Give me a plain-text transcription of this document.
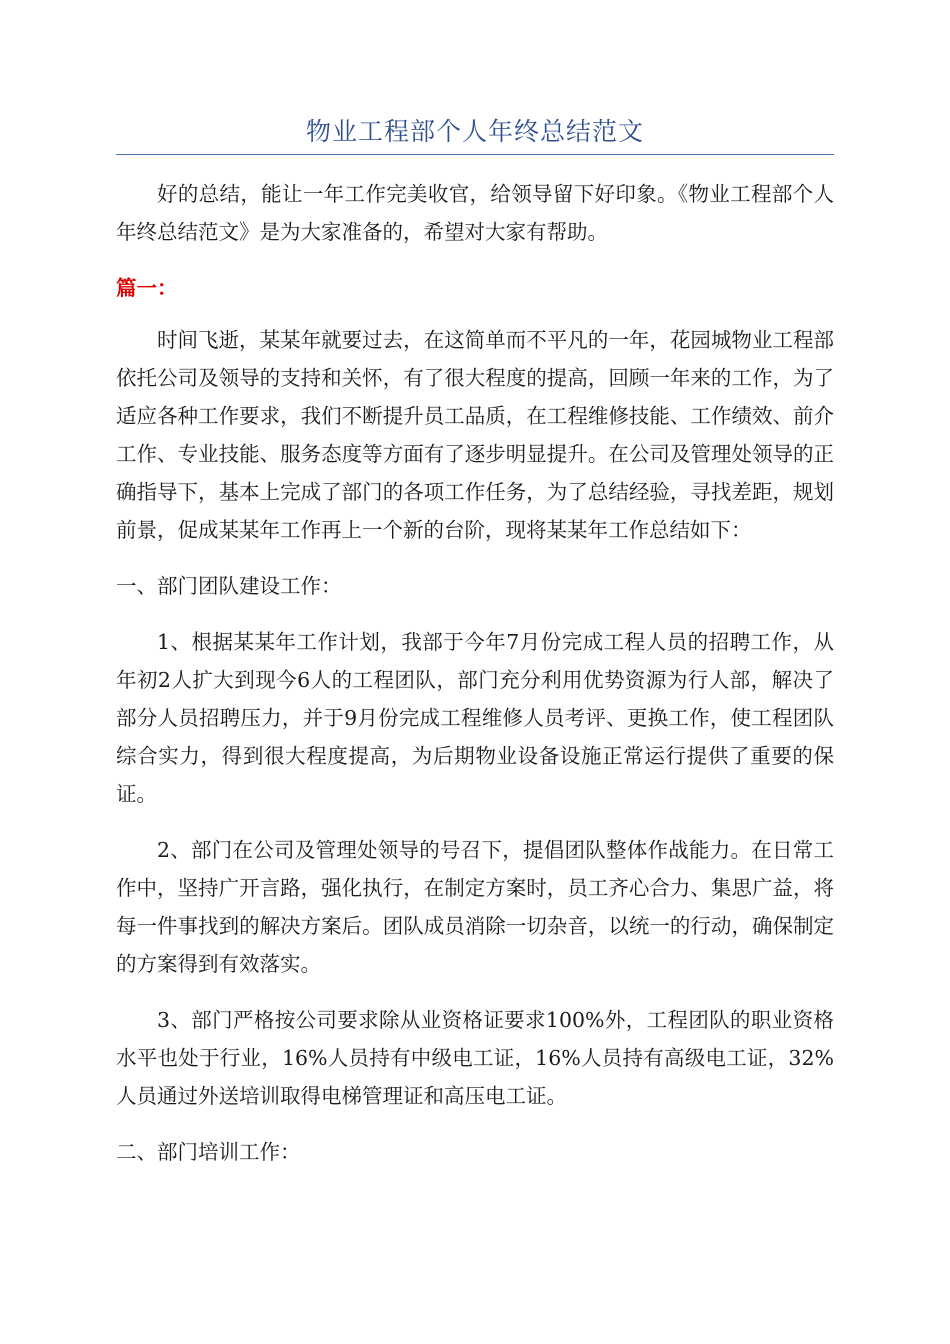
物业工程部个人年终总结范文

好的总结，能让一年工作完美收官，给领导留下好印象。《物业工程部个人年终总结范文》是为大家准备的，希望对大家有帮助。

篇一：

时间飞逝，某某年就要过去，在这简单而不平凡的一年，花园城物业工程部依托公司及领导的支持和关怀，有了很大程度的提高，回顾一年来的工作，为了适应各种工作要求，我们不断提升员工品质，在工程维修技能、工作绩效、前介工作、专业技能、服务态度等方面有了逐步明显提升。在公司及管理处领导的正确指导下，基本上完成了部门的各项工作任务，为了总结经验，寻找差距，规划前景，促成某某年工作再上一个新的台阶，现将某某年工作总结如下：

一、部门团队建设工作：

1、根据某某年工作计划，我部于今年7月份完成工程人员的招聘工作，从年初2人扩大到现今6人的工程团队，部门充分利用优势资源为行人部，解决了部分人员招聘压力，并于9月份完成工程维修人员考评、更换工作，使工程团队综合实力，得到很大程度提高，为后期物业设备设施正常运行提供了重要的保证。

2、部门在公司及管理处领导的号召下，提倡团队整体作战能力。在日常工作中，坚持广开言路，强化执行，在制定方案时，员工齐心合力、集思广益，将每一件事找到的解决方案后。团队成员消除一切杂音，以统一的行动，确保制定的方案得到有效落实。

3、部门严格按公司要求除从业资格证要求100%外，工程团队的职业资格水平也处于行业，16%人员持有中级电工证，16%人员持有高级电工证，32%人员通过外送培训取得电梯管理证和高压电工证。

二、部门培训工作：
